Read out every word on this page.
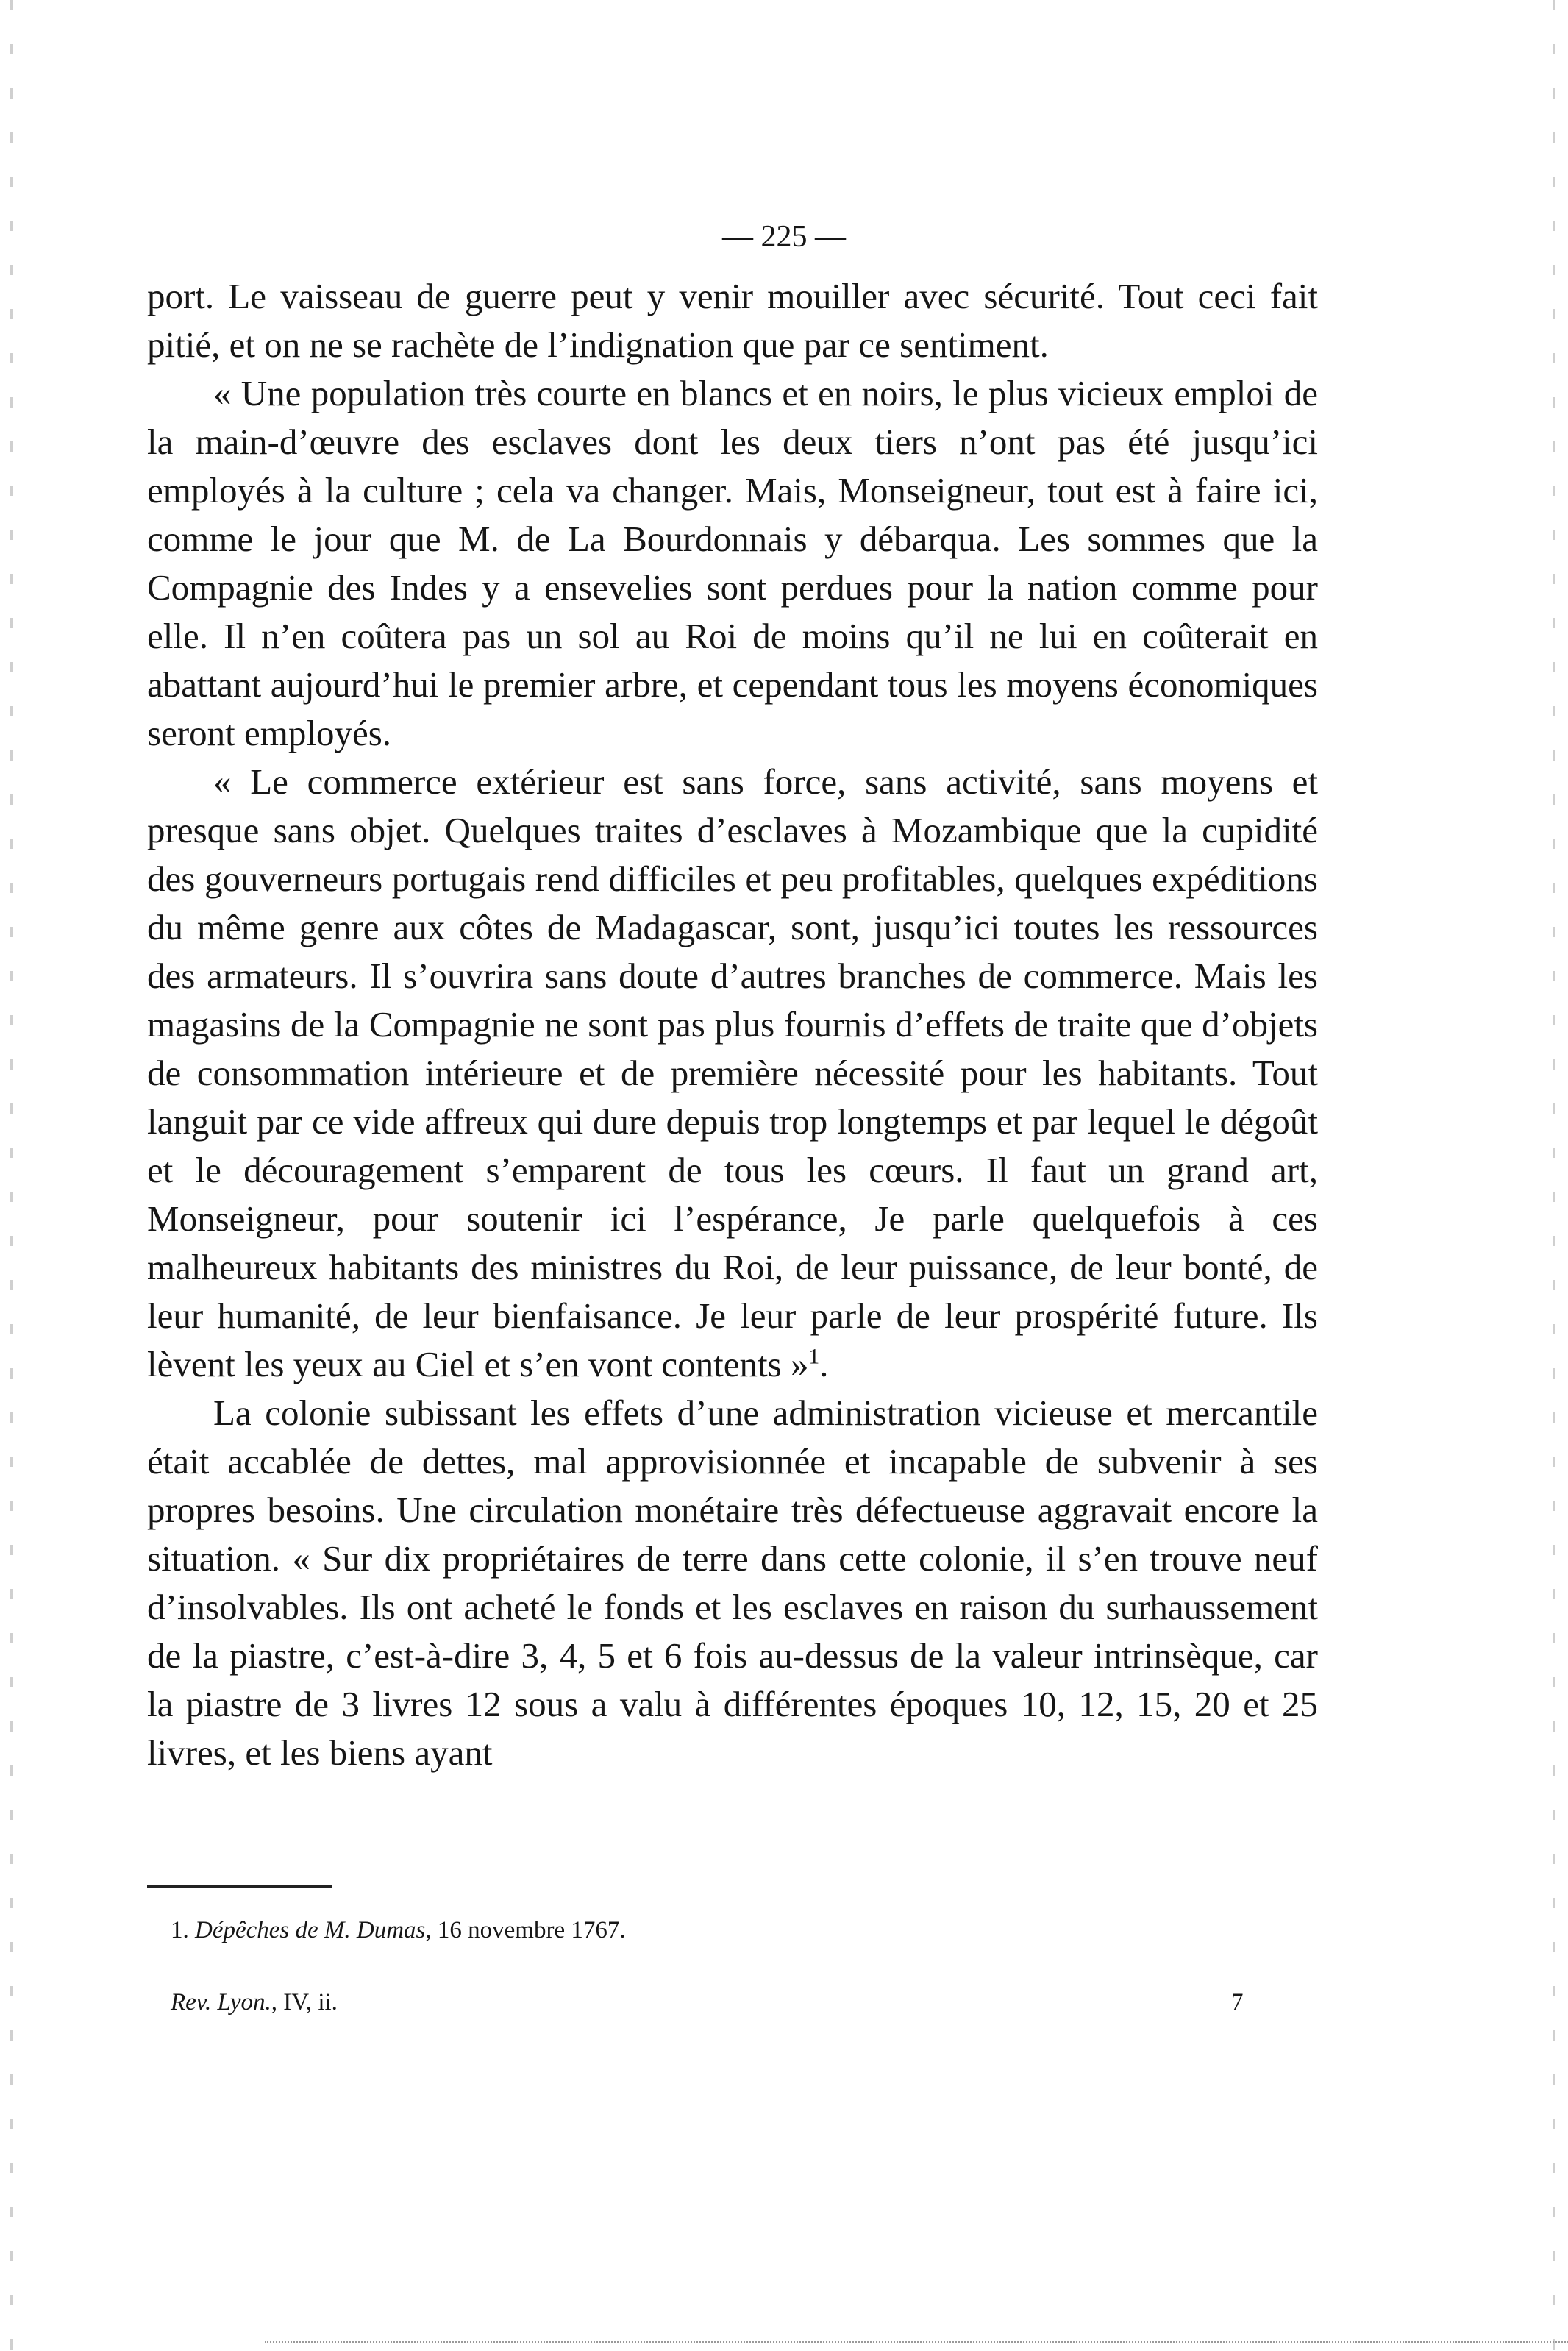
— 225 —

port. Le vaisseau de guerre peut y venir mouiller avec sécurité. Tout ceci fait pitié, et on ne se rachète de l’indignation que par ce sentiment.

« Une population très courte en blancs et en noirs, le plus vicieux emploi de la main-d’œuvre des esclaves dont les deux tiers n’ont pas été jusqu’ici employés à la culture ; cela va changer. Mais, Monseigneur, tout est à faire ici, comme le jour que M. de La Bourdonnais y débarqua. Les sommes que la Compagnie des Indes y a ensevelies sont perdues pour la nation comme pour elle. Il n’en coûtera pas un sol au Roi de moins qu’il ne lui en coûterait en abattant aujourd’hui le premier arbre, et cependant tous les moyens économiques seront employés.

« Le commerce extérieur est sans force, sans activité, sans moyens et presque sans objet. Quelques traites d’esclaves à Mozambique que la cupidité des gouverneurs portugais rend difficiles et peu profitables, quelques expéditions du même genre aux côtes de Madagascar, sont, jusqu’ici toutes les ressources des armateurs. Il s’ouvrira sans doute d’autres branches de commerce. Mais les magasins de la Compagnie ne sont pas plus fournis d’effets de traite que d’objets de consommation intérieure et de première nécessité pour les habitants. Tout languit par ce vide affreux qui dure depuis trop longtemps et par lequel le dégoût et le découragement s’emparent de tous les cœurs. Il faut un grand art, Monseigneur, pour soutenir ici l’espérance, Je parle quelquefois à ces malheureux habitants des ministres du Roi, de leur puissance, de leur bonté, de leur humanité, de leur bienfaisance. Je leur parle de leur prospérité future. Ils lèvent les yeux au Ciel et s’en vont contents »$^1$.

La colonie subissant les effets d’une administration vicieuse et mercantile était accablée de dettes, mal approvisionnée et incapable de subvenir à ses propres besoins. Une circulation monétaire très défectueuse aggravait encore la situation. « Sur dix propriétaires de terre dans cette colonie, il s’en trouve neuf d’insolvables. Ils ont acheté le fonds et les esclaves en raison du surhaussement de la piastre, c’est-à-dire 3, 4, 5 et 6 fois au-dessus de la valeur intrinsèque, car la piastre de 3 livres 12 sous a valu à différentes époques 10, 12, 15, 20 et 25 livres, et les biens ayant

1. Dépêches de M. Dumas, 16 novembre 1767.
Rev. Lyon., IV, ii.	7
